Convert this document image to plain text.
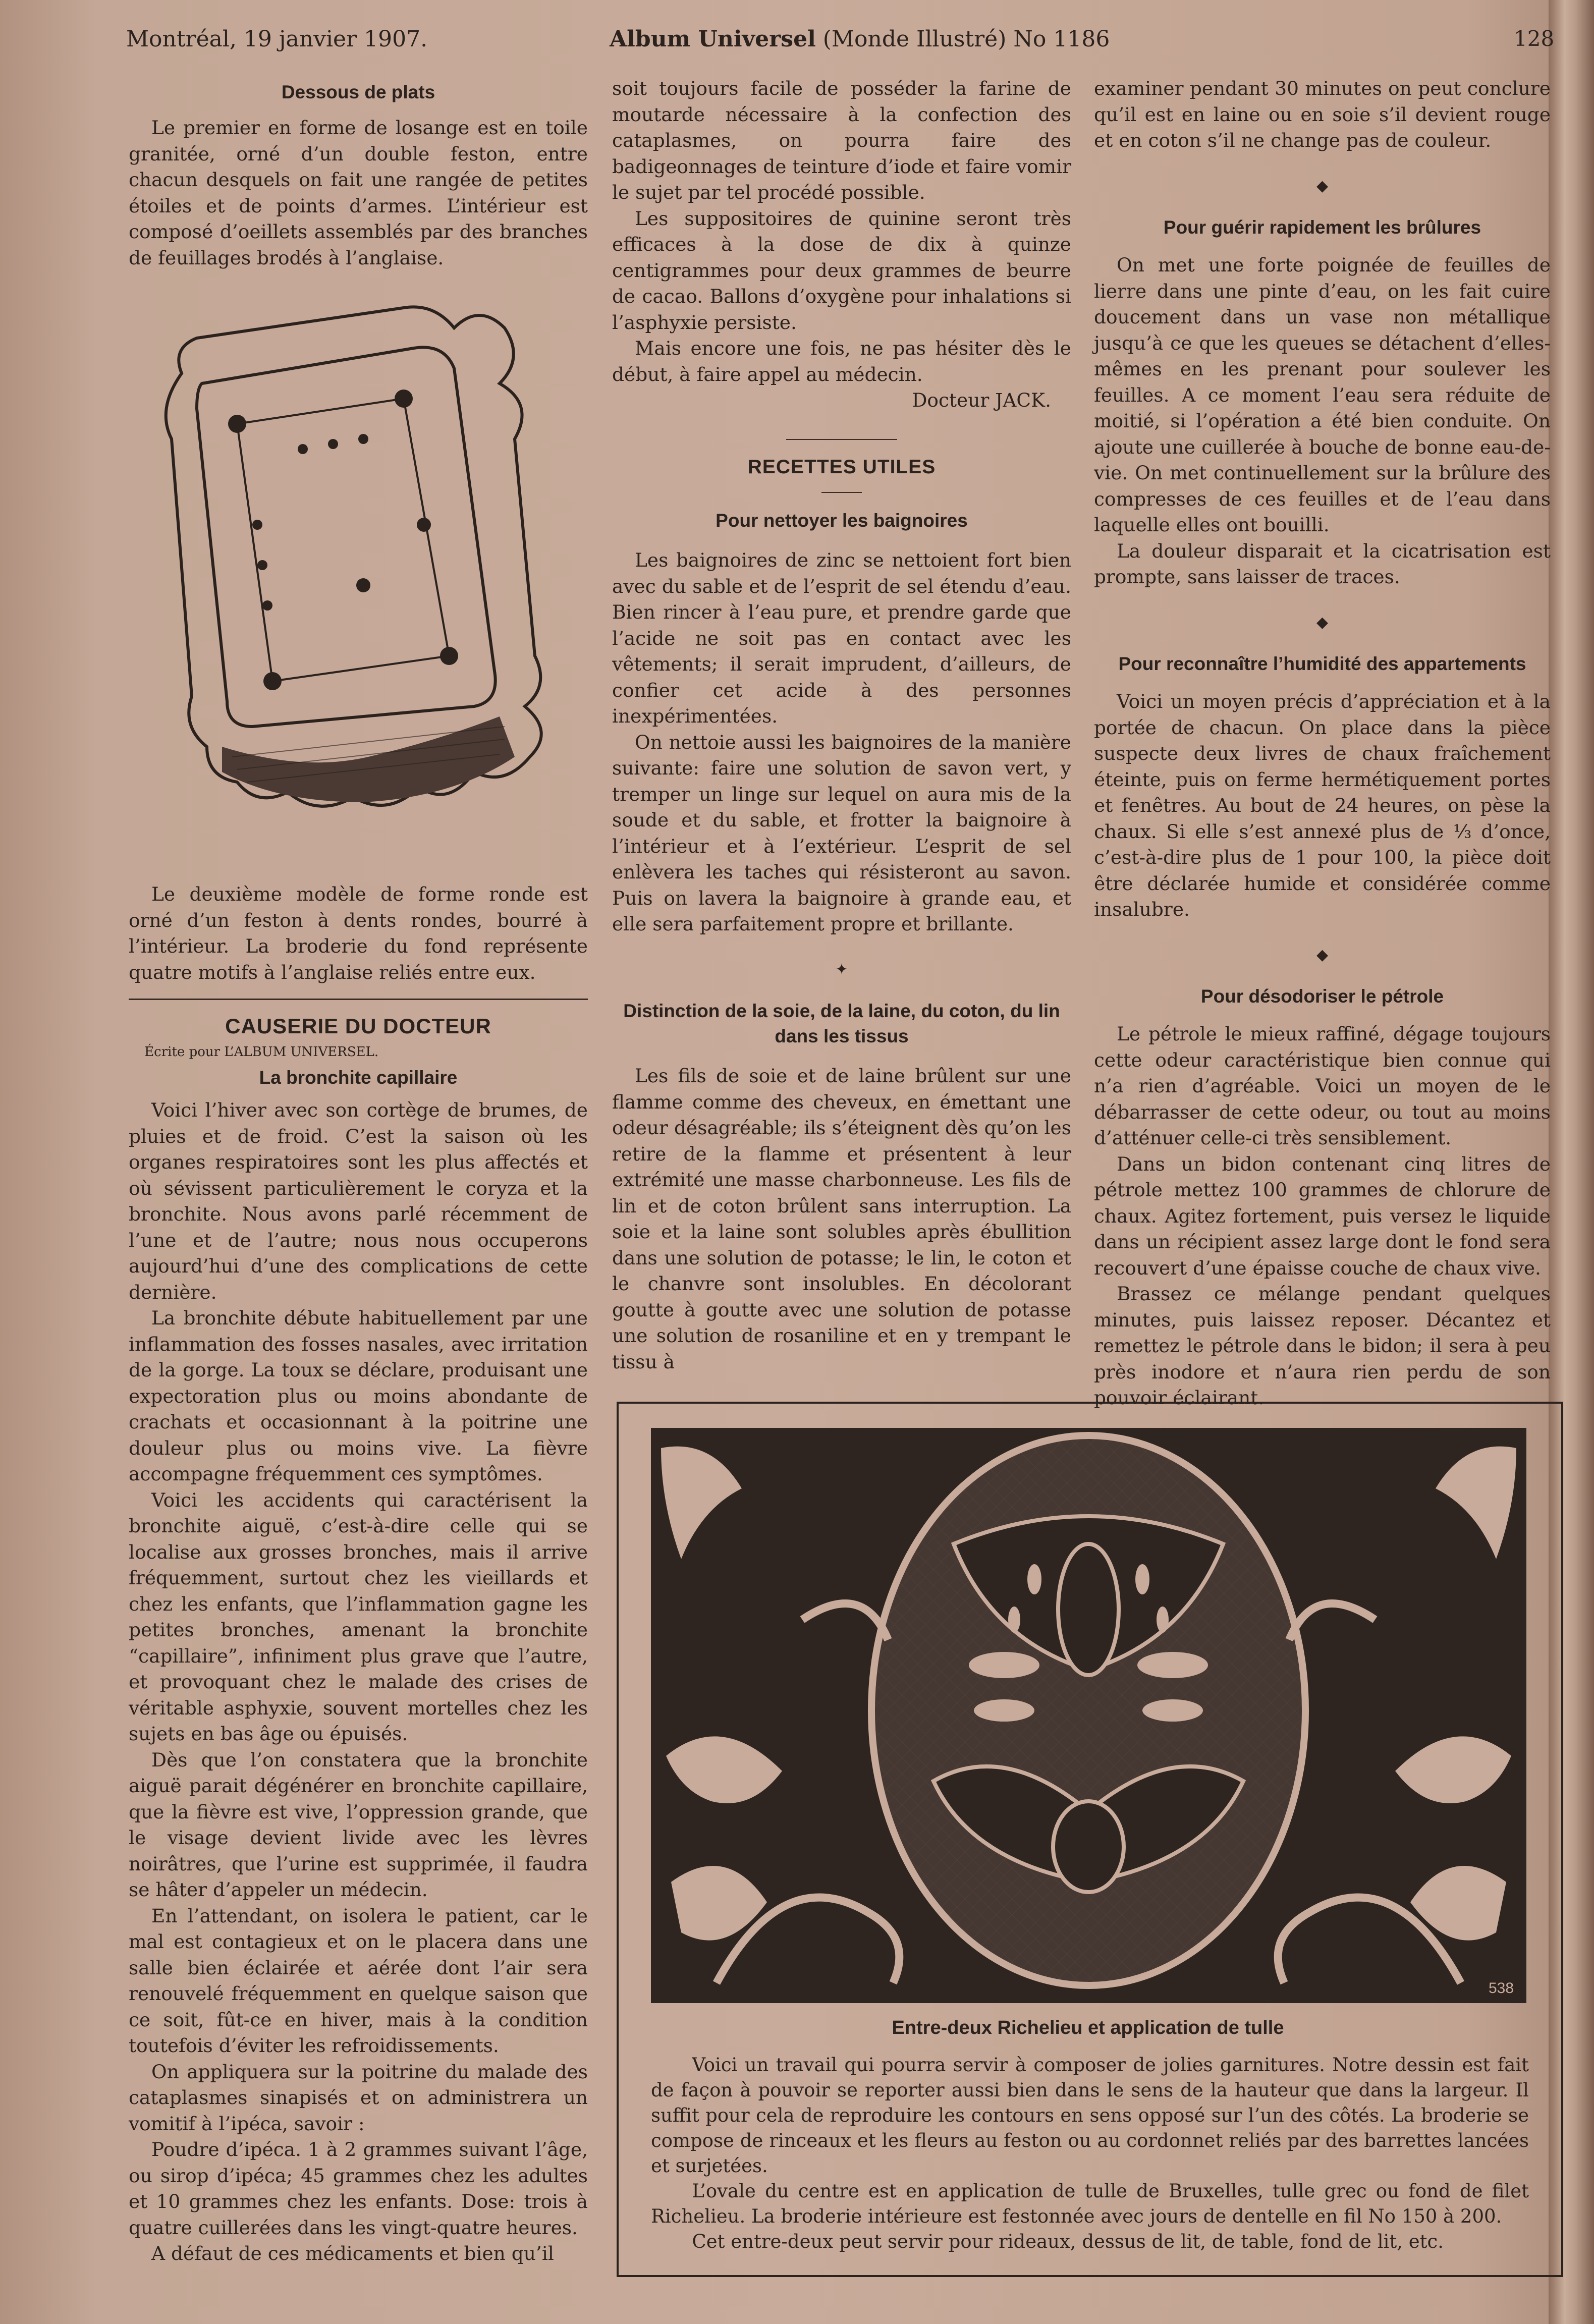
Montréal, 19 janvier 1907.	Album Universel (Monde Illustré) No 1186	128
Dessous de plats

Le premier en forme de losange est en toile granitée, orné d’un double feston, entre chacun desquels on fait une rangée de petites étoiles et de points d’armes. L’intérieur est composé d’oeillets assemblés par des branches de feuillages brodés à l’anglaise.

Le deuxième modèle de forme ronde est orné d’un feston à dents rondes, bourré à l’intérieur. La broderie du fond représente quatre motifs à l’anglaise reliés entre eux.

CAUSERIE DU DOCTEUR

Écrite pour L’ALBUM UNIVERSEL.

La bronchite capillaire

Voici l’hiver avec son cortège de brumes, de pluies et de froid. C’est la saison où les organes respiratoires sont les plus affectés et où sévissent particulièrement le coryza et la bronchite. Nous avons parlé récemment de l’une et de l’autre; nous nous occuperons aujourd’hui d’une des complications de cette dernière.

La bronchite débute habituellement par une inflammation des fosses nasales, avec irritation de la gorge. La toux se déclare, produisant une expectoration plus ou moins abondante de crachats et occasionnant à la poitrine une douleur plus ou moins vive. La fièvre accompagne fréquemment ces symptômes.

Voici les accidents qui caractérisent la bronchite aiguë, c’est-à-dire celle qui se localise aux grosses bronches, mais il arrive fréquemment, surtout chez les vieillards et chez les enfants, que l’inflammation gagne les petites bronches, amenant la bronchite “capillaire”, infiniment plus grave que l’autre, et provoquant chez le malade des crises de véritable asphyxie, souvent mortelles chez les sujets en bas âge ou épuisés.

Dès que l’on constatera que la bronchite aiguë parait dégénérer en bronchite capillaire, que la fièvre est vive, l’oppression grande, que le visage devient livide avec les lèvres noirâtres, que l’urine est supprimée, il faudra se hâter d’appeler un médecin.

En l’attendant, on isolera le patient, car le mal est contagieux et on le placera dans une salle bien éclairée et aérée dont l’air sera renouvelé fréquemment en quelque saison que ce soit, fût-ce en hiver, mais à la condition toutefois d’éviter les refroidissements.

On appliquera sur la poitrine du malade des cataplasmes sinapisés et on administrera un vomitif à l’ipéca, savoir :

Poudre d’ipéca. 1 à 2 grammes suivant l’âge, ou sirop d’ipéca; 45 grammes chez les adultes et 10 grammes chez les enfants. Dose: trois à quatre cuillerées dans les vingt-quatre heures.

A défaut de ces médicaments et bien qu’il

soit toujours facile de posséder la farine de moutarde nécessaire à la confection des cataplasmes, on pourra faire des badigeonnages de teinture d’iode et faire vomir le sujet par tel procédé possible.

Les suppositoires de quinine seront très efficaces à la dose de dix à quinze centigrammes pour deux grammes de beurre de cacao. Ballons d’oxygène pour inhalations si l’asphyxie persiste.

Mais encore une fois, ne pas hésiter dès le début, à faire appel au médecin.

Docteur JACK.

RECETTES UTILES
Pour nettoyer les baignoires

Les baignoires de zinc se nettoient fort bien avec du sable et de l’esprit de sel étendu d’eau. Bien rincer à l’eau pure, et prendre garde que l’acide ne soit pas en contact avec les vêtements; il serait imprudent, d’ailleurs, de confier cet acide à des personnes inexpérimentées.

On nettoie aussi les baignoires de la manière suivante: faire une solution de savon vert, y tremper un linge sur lequel on aura mis de la soude et du sable, et frotter la baignoire à l’intérieur et à l’extérieur. L’esprit de sel enlèvera les taches qui résisteront au savon. Puis on lavera la baignoire à grande eau, et elle sera parfaitement propre et brillante.

✦
Distinction de la soie, de la laine, du coton, du lin dans les tissus

Les fils de soie et de laine brûlent sur une flamme comme des cheveux, en émettant une odeur désagréable; ils s’éteignent dès qu’on les retire de la flamme et présentent à leur extrémité une masse charbonneuse. Les fils de lin et de coton brûlent sans interruption. La soie et la laine sont solubles après ébullition dans une solution de potasse; le lin, le coton et le chanvre sont insolubles. En décolorant goutte à goutte avec une solution de potasse une solution de rosaniline et en y trempant le tissu à

examiner pendant 30 minutes on peut conclure qu’il est en laine ou en soie s’il devient rouge et en coton s’il ne change pas de couleur.

◆
Pour guérir rapidement les brûlures

On met une forte poignée de feuilles de lierre dans une pinte d’eau, on les fait cuire doucement dans un vase non métallique jusqu’à ce que les queues se détachent d’elles-mêmes en les prenant pour soulever les feuilles. A ce moment l’eau sera réduite de moitié, si l’opération a été bien conduite. On ajoute une cuillerée à bouche de bonne eau-de-vie. On met continuellement sur la brûlure des compresses de ces feuilles et de l’eau dans laquelle elles ont bouilli.

La douleur disparait et la cicatrisation est prompte, sans laisser de traces.

◆
Pour reconnaître l’humidité des appartements

Voici un moyen précis d’appréciation et à la portée de chacun. On place dans la pièce suspecte deux livres de chaux fraîchement éteinte, puis on ferme hermétiquement portes et fenêtres. Au bout de 24 heures, on pèse la chaux. Si elle s’est annexé plus de ⅓ d’once, c’est-à-dire plus de 1 pour 100, la pièce doit être déclarée humide et considérée comme insalubre.

◆
Pour désodoriser le pétrole

Le pétrole le mieux raffiné, dégage toujours cette odeur caractéristique bien connue qui n’a rien d’agréable. Voici un moyen de le débarrasser de cette odeur, ou tout au moins d’atténuer celle-ci très sensiblement.

Dans un bidon contenant cinq litres de pétrole mettez 100 grammes de chlorure de chaux. Agitez fortement, puis versez le liquide dans un récipient assez large dont le fond sera recouvert d’une épaisse couche de chaux vive.

Brassez ce mélange pendant quelques minutes, puis laissez reposer. Décantez et remettez le pétrole dans le bidon; il sera à peu près inodore et n’aura rien perdu de son pouvoir éclairant.

538
Entre-deux Richelieu et application de tulle

Voici un travail qui pourra servir à composer de jolies garnitures. Notre dessin est fait de façon à pouvoir se reporter aussi bien dans le sens de la hauteur que dans la largeur. Il suffit pour cela de reproduire les contours en sens opposé sur l’un des côtés. La broderie se compose de rinceaux et les fleurs au feston ou au cordonnet reliés par des barrettes lancées et surjetées.

L’ovale du centre est en application de tulle de Bruxelles, tulle grec ou fond de filet Richelieu. La broderie intérieure est festonnée avec jours de dentelle en fil No 150 à 200.

Cet entre-deux peut servir pour rideaux, dessus de lit, de table, fond de lit, etc.
